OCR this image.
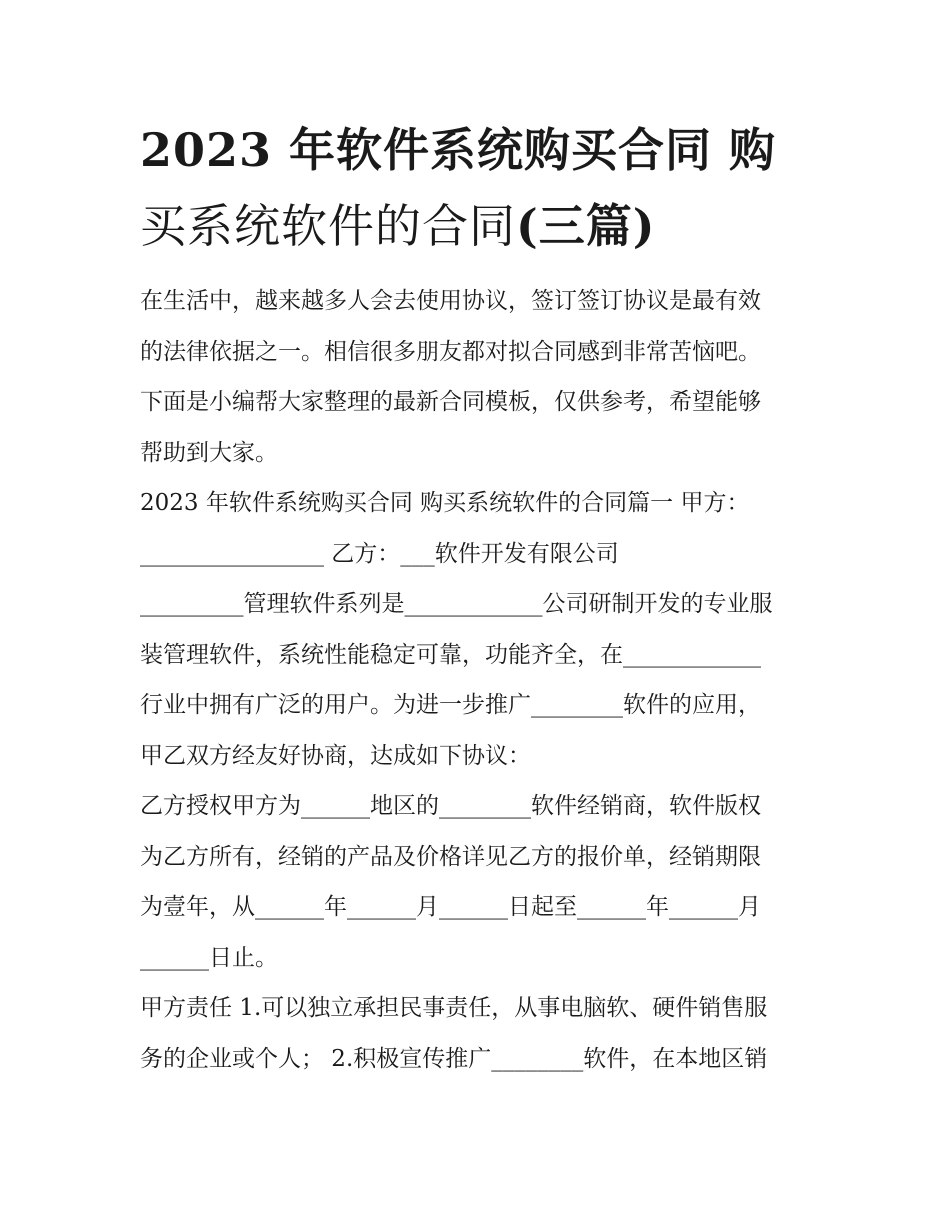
2023 年软件系统购买合同 购
买系统软件的合同(三篇)
在生活中，越来越多人会去使用协议，签订签订协议是最有效
的法律依据之一。相信很多朋友都对拟合同感到非常苦恼吧。
下面是小编帮大家整理的最新合同模板，仅供参考，希望能够
帮助到大家。
2023 年软件系统购买合同 购买系统软件的合同篇一 甲方：
________________ 乙方：___软件开发有限公司
_________管理软件系列是____________公司研制开发的专业服
装管理软件，系统性能稳定可靠，功能齐全，在____________
行业中拥有广泛的用户。为进一步推广________软件的应用，
甲乙双方经友好协商，达成如下协议：
乙方授权甲方为______地区的________软件经销商，软件版权
为乙方所有，经销的产品及价格详见乙方的报价单，经销期限
为壹年，从______年______月______日起至______年______月
______日止。
甲方责任 1.可以独立承担民事责任，从事电脑软、硬件销售服
务的企业或个人； 2.积极宣传推广________软件，在本地区销
